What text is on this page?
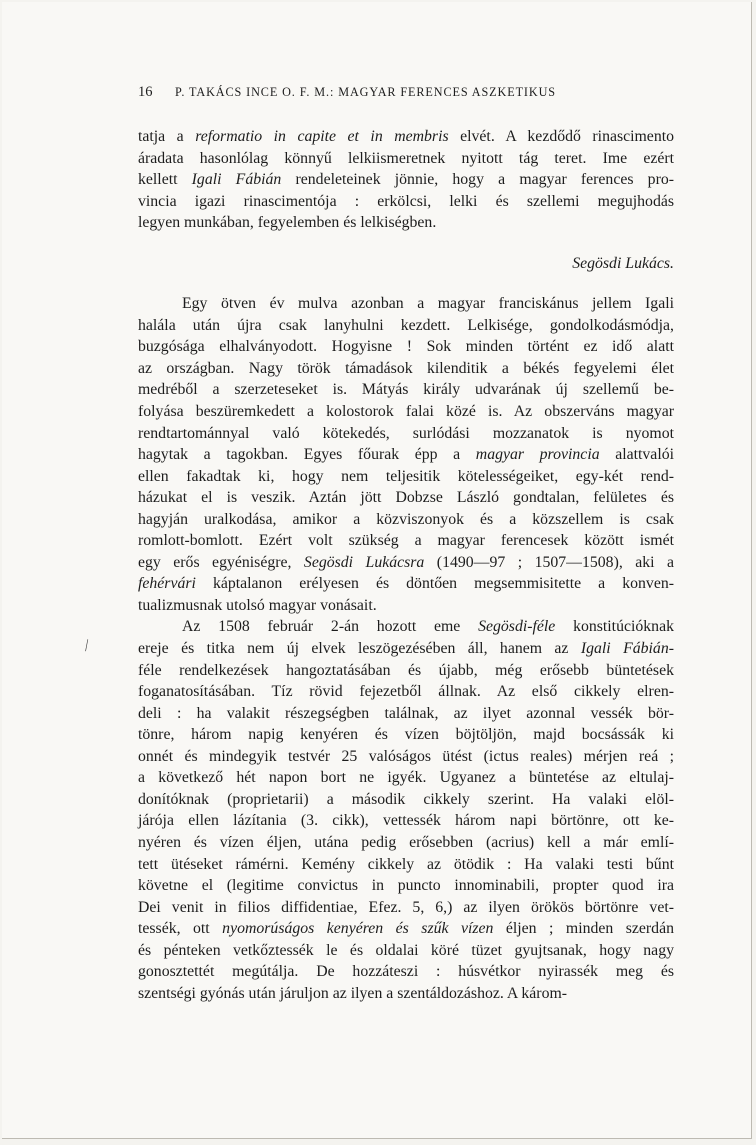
16 P. TAKÁCS INCE O. F. M.: MAGYAR FERENCES ASZKETIKUS
⁄
tatja a reformatio in capite et in membris elvét. A kezdődő rinascimento
áradata hasonlólag könnyű lelkiismeretnek nyitott tág teret. Ime ezért
kellett Igali Fábián rendeleteinek jönnie, hogy a magyar ferences pro-
vincia igazi rinascimentója : erkölcsi, lelki és szellemi megujhodás
legyen munkában, fegyelemben és lelkiségben.
Segösdi Lukács.
Egy ötven év mulva azonban a magyar franciskánus jellem Igali
halála után újra csak lanyhulni kezdett. Lelkisége, gondolkodásmódja,
buzgósága elhalványodott. Hogyisne ! Sok minden történt ez idő alatt
az országban. Nagy török támadások kilenditik a békés fegyelemi élet
medréből a szerzeteseket is. Mátyás király udvarának új szellemű be-
folyása beszüremkedett a kolostorok falai közé is. Az obszerváns magyar
rendtartománnyal való kötekedés, surlódási mozzanatok is nyomot
hagytak a tagokban. Egyes főurak épp a magyar provincia alattvalói
ellen fakadtak ki, hogy nem teljesitik kötelességeiket, egy-két rend-
házukat el is veszik. Aztán jött Dobzse László gondtalan, felületes és
hagyján uralkodása, amikor a közviszonyok és a közszellem is csak
romlott-bomlott. Ezért volt szükség a magyar ferencesek között ismét
egy erős egyéniségre, Segösdi Lukácsra (1490—97 ; 1507—1508), aki a
fehérvári káptalanon erélyesen és döntően megsemmisitette a konven-
tualizmusnak utolsó magyar vonásait.
Az 1508 február 2-án hozott eme Segösdi-féle konstitúcióknak
ereje és titka nem új elvek leszögezésében áll, hanem az Igali Fábián-
féle rendelkezések hangoztatásában és újabb, még erősebb büntetések
foganatosításában. Tíz rövid fejezetből állnak. Az első cikkely elren-
deli : ha valakit részegségben találnak, az ilyet azonnal vessék bör-
tönre, három napig kenyéren és vízen böjtöljön, majd bocsássák ki
onnét és mindegyik testvér 25 valóságos ütést (ictus reales) mérjen reá ;
a következő hét napon bort ne igyék. Ugyanez a büntetése az eltulaj-
donítóknak (proprietarii) a második cikkely szerint. Ha valaki elöl-
járója ellen lázítania (3. cikk), vettessék három napi börtönre, ott ke-
nyéren és vízen éljen, utána pedig erősebben (acrius) kell a már emlí-
tett ütéseket rámérni. Kemény cikkely az ötödik : Ha valaki testi bűnt
követne el (legitime convictus in puncto innominabili, propter quod ira
Dei venit in filios diffidentiae, Efez. 5, 6,) az ilyen örökös börtönre vet-
tessék, ott nyomorúságos kenyéren és szűk vízen éljen ; minden szerdán
és pénteken vetkőztessék le és oldalai köré tüzet gyujtsanak, hogy nagy
gonosztettét megútálja. De hozzáteszi : húsvétkor nyirassék meg és
szentségi gyónás után járuljon az ilyen a szentáldozáshoz. A károm-
